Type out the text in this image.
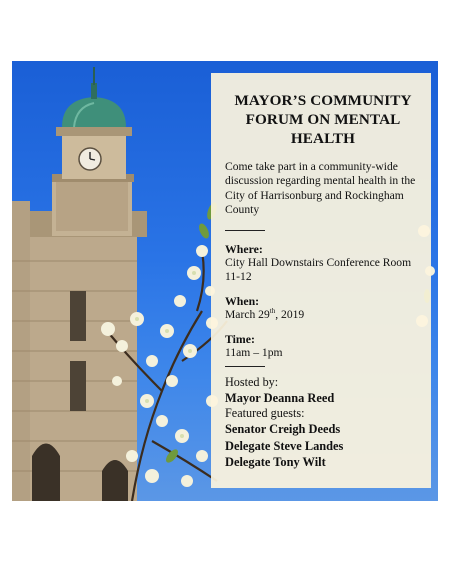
MAYOR’S COMMUNITY FORUM ON MENTAL HEALTH

Come take part in a community-wide discussion regarding mental health in the City of Harrisonburg and Rockingham County

Where:

City Hall Downstairs Conference Room 11-12

When:

March 29th, 2019

Time:

11am – 1pm

Hosted by:

Mayor Deanna Reed

Featured guests:

Senator Creigh Deeds

Delegate Steve Landes

Delegate Tony Wilt
